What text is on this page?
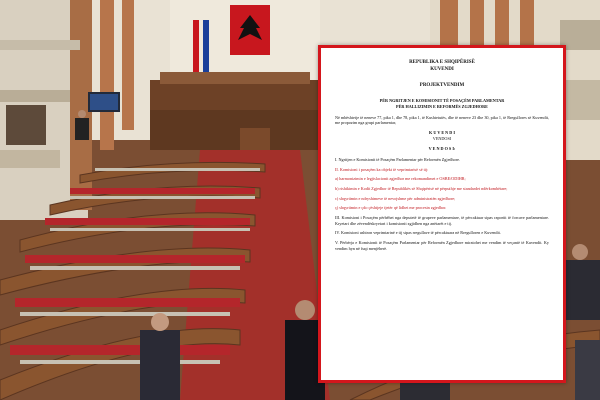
REPUBLIKA E SHQIPËRISË
KUVENDI
PROJEKTVENDIM
PËR NGRITJEN E KOMISIONIT TË POSAÇËM PARLAMENTAR
PËR HALLIZIMIN E REFORMËS ZGJEDHORE

Në mbështetje të neneve 77, pika 1, dhe 78, pika 1, të Kushtetutës, dhe të neneve 23 dhe 30, pika 1, të Rregullores së Kuvendit, me propozim nga grupi parlamentar,

K U V E N D I
VENDOSI
V E N D O S I:

I. Ngritjen e Komisionit të Posaçëm Parlamentar për Reformën Zgjedhore.

II. Komisioni i posaçëm ka objekt të veprimtarisë së tij:

a) harmonizimin e legjislacionit zgjedhor me rekomandimet e OSBE/ODIHR;

b) rishikimin e Kodit Zgjedhor të Republikës së Shqipërisë në përputhje me standardet ndërkombëtare;

c) shqyrtimin e ndryshimeve të nevojshme për administratën zgjedhore;

ç) shqyrtimin e çdo çështjeje tjetër që lidhet me procesin zgjedhor.

III. Komisioni i Posaçëm përbëhet nga deputetë të grupeve parlamentare, të përcaktuar sipas raportit të forcave parlamentare. Kryetari dhe zëvendëskryetari i komisionit zgjidhen nga anëtarët e tij.

IV. Komisioni ushtron veprimtarinë e tij sipas rregullave të përcaktuara në Rregulloren e Kuvendit.

V. Përbërja e Komisionit të Posaçëm Parlamentar për Reformën Zgjedhore miratohet me vendim të veçantë të Kuvendit. Ky vendim hyn në fuqi menjëherë.
